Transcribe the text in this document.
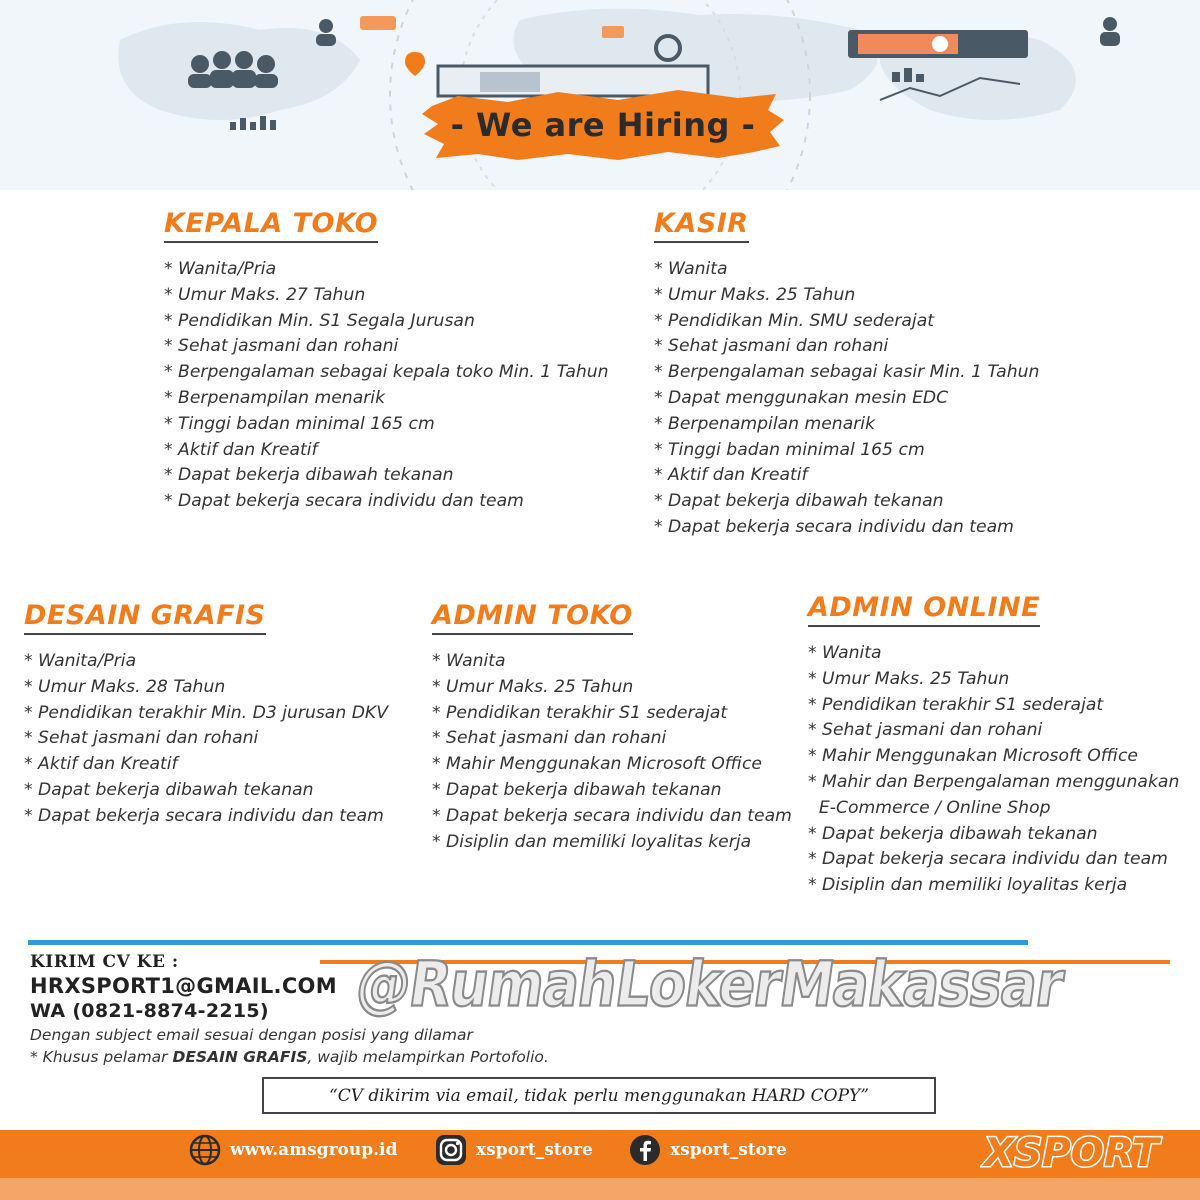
- We are Hiring -
KEPALA TOKO
* Wanita/Pria
* Umur Maks. 27 Tahun
* Pendidikan Min. S1 Segala Jurusan
* Sehat jasmani dan rohani
* Berpengalaman sebagai kepala toko Min. 1 Tahun
* Berpenampilan menarik
* Tinggi badan minimal 165 cm
* Aktif dan Kreatif
* Dapat bekerja dibawah tekanan
* Dapat bekerja secara individu dan team
KASIR
* Wanita
* Umur Maks. 25 Tahun
* Pendidikan Min. SMU sederajat
* Sehat jasmani dan rohani
* Berpengalaman sebagai kasir Min. 1 Tahun
* Dapat menggunakan mesin EDC
* Berpenampilan menarik
* Tinggi badan minimal 165 cm
* Aktif dan Kreatif
* Dapat bekerja dibawah tekanan
* Dapat bekerja secara individu dan team
DESAIN GRAFIS
* Wanita/Pria
* Umur Maks. 28 Tahun
* Pendidikan terakhir Min. D3 jurusan DKV
* Sehat jasmani dan rohani
* Aktif dan Kreatif
* Dapat bekerja dibawah tekanan
* Dapat bekerja secara individu dan team
ADMIN TOKO
* Wanita
* Umur Maks. 25 Tahun
* Pendidikan terakhir S1 sederajat
* Sehat jasmani dan rohani
* Mahir Menggunakan Microsoft Office
* Dapat bekerja dibawah tekanan
* Dapat bekerja secara individu dan team
* Disiplin dan memiliki loyalitas kerja
ADMIN ONLINE
* Wanita
* Umur Maks. 25 Tahun
* Pendidikan terakhir S1 sederajat
* Sehat jasmani dan rohani
* Mahir Menggunakan Microsoft Office
* Mahir dan Berpengalaman menggunakan
E-Commerce / Online Shop
* Dapat bekerja dibawah tekanan
* Dapat bekerja secara individu dan team
* Disiplin dan memiliki loyalitas kerja
@RumahLokerMakassar
KIRIM CV KE :
HRXSPORT1@GMAIL.COM
WA (0821-8874-2215)
Dengan subject email sesuai dengan posisi yang dilamar
* Khusus pelamar DESAIN GRAFIS, wajib melampirkan Portofolio.
“CV dikirim via email, tidak perlu menggunakan HARD COPY”
www.amsgroup.id	xsport_store	xsport_store	XSPORT
